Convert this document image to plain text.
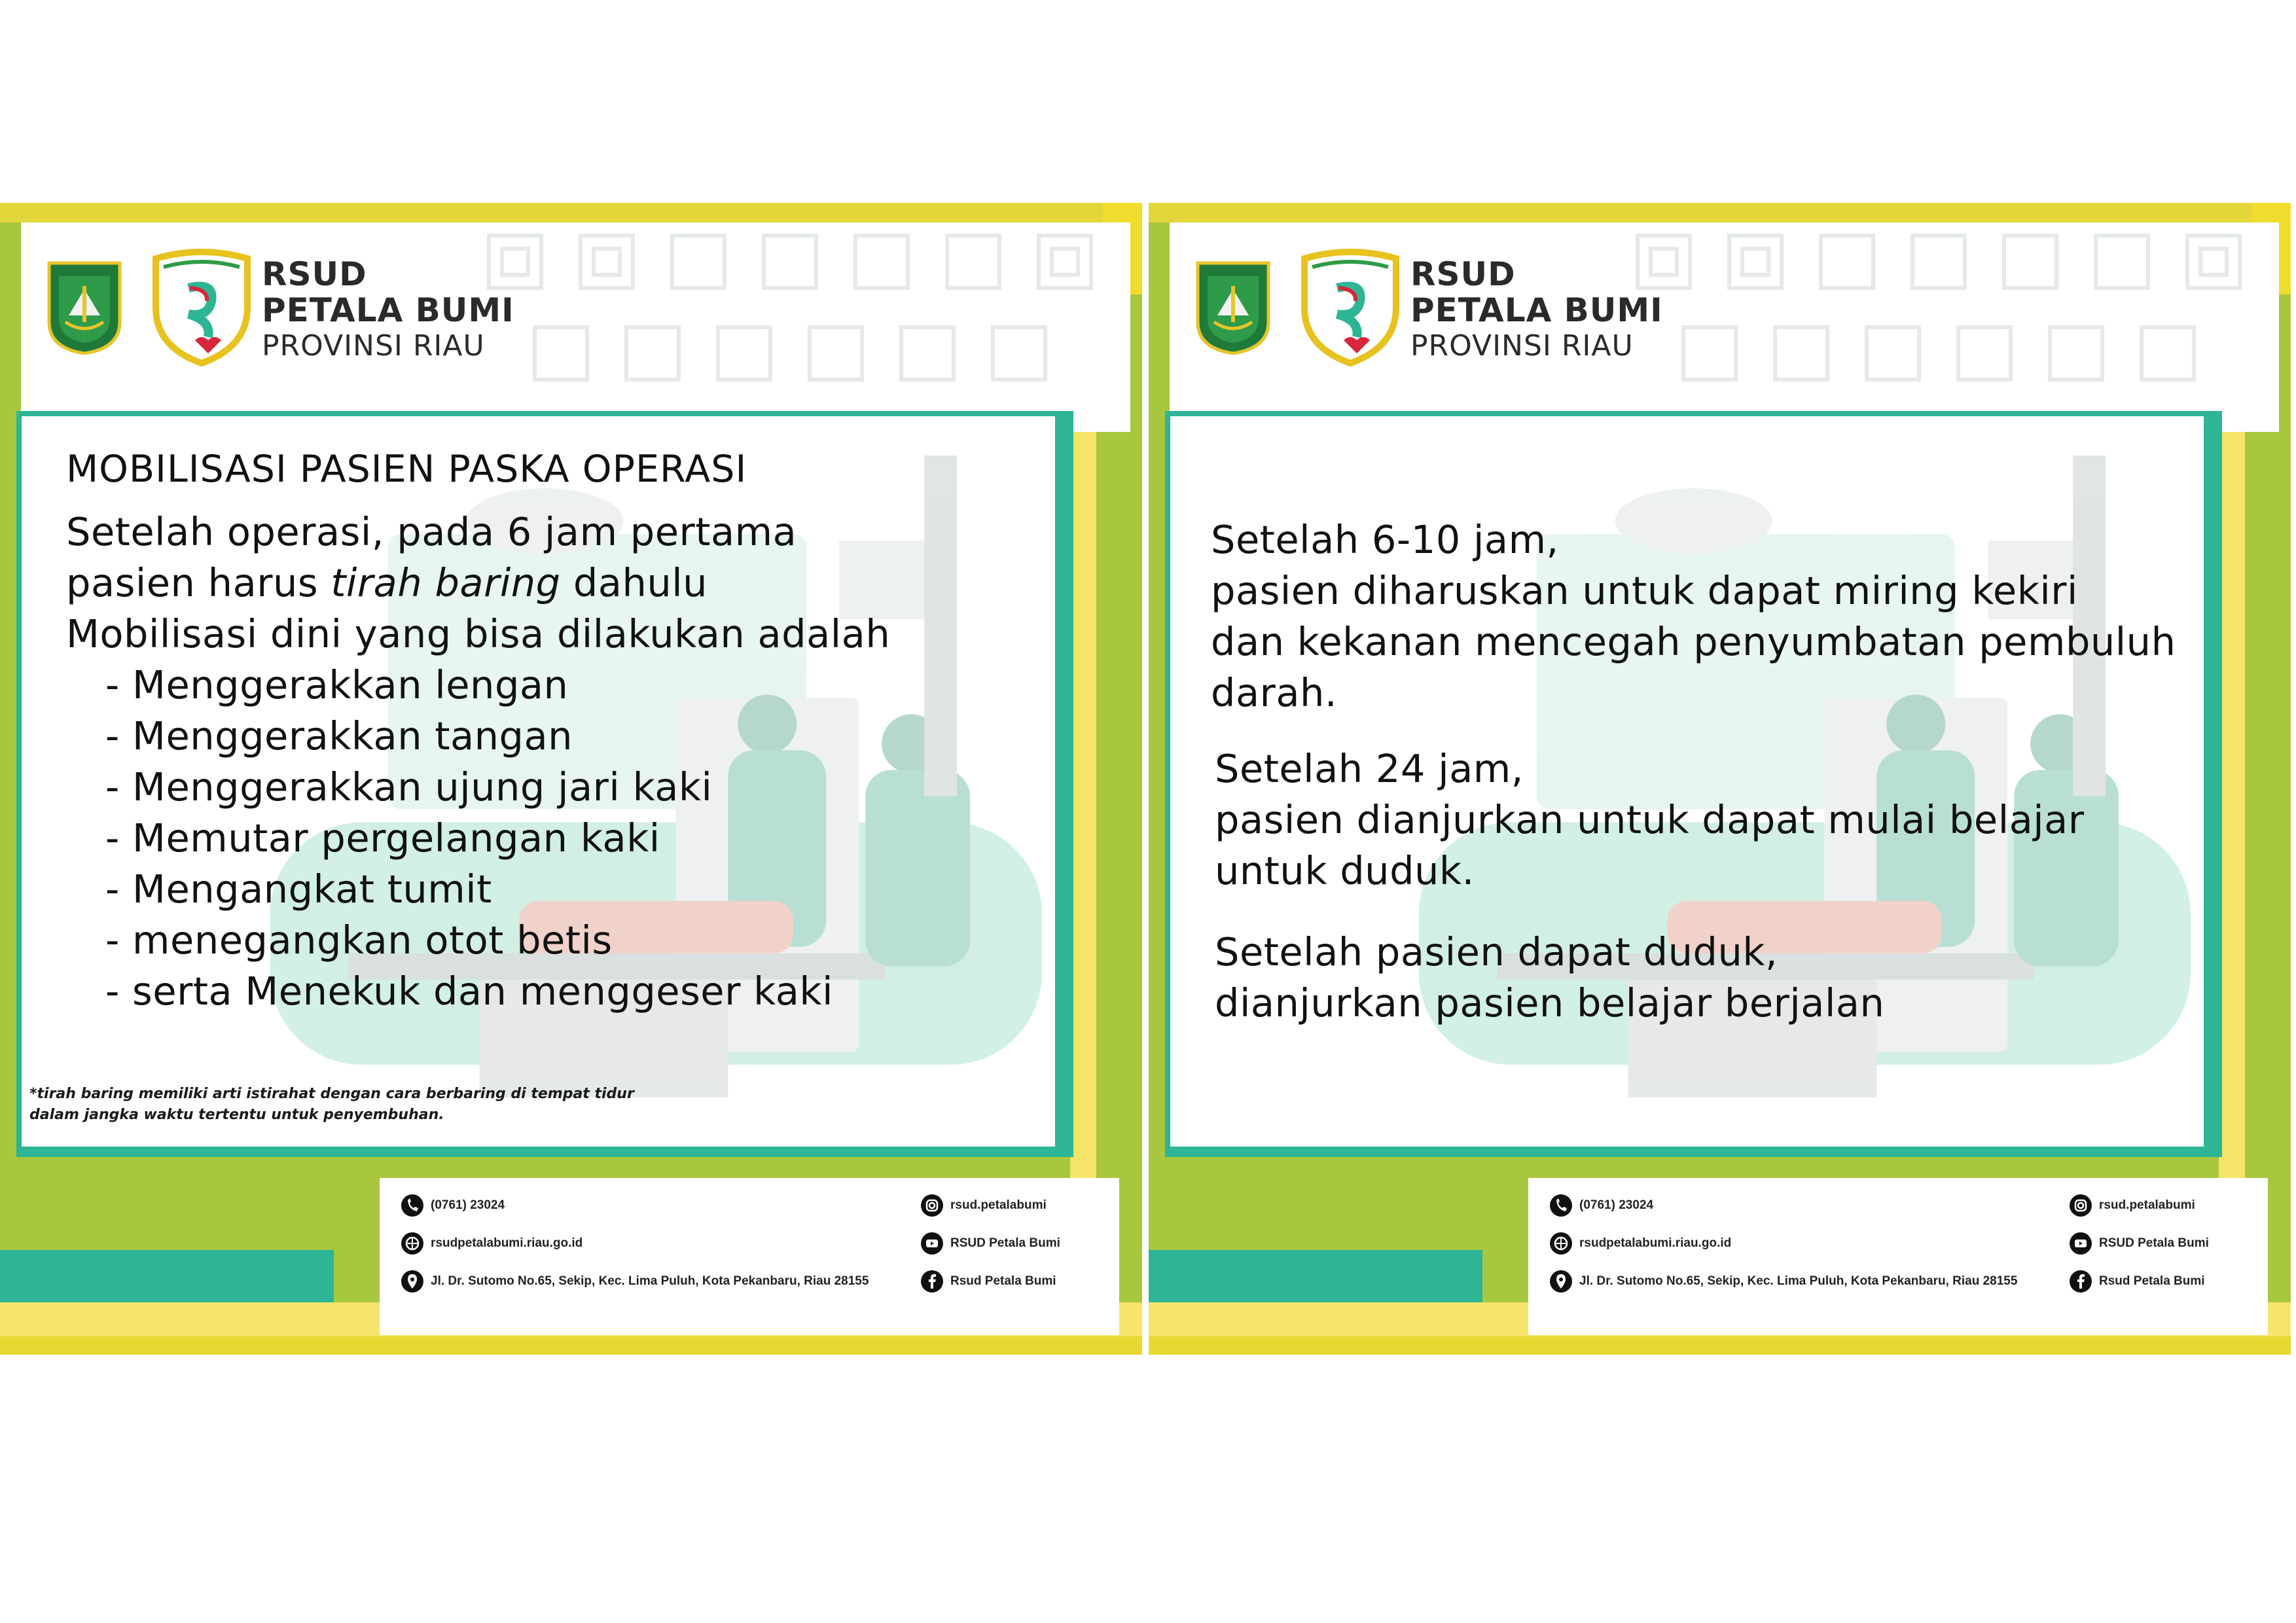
RSUD
PETALA BUMI
PROVINSI RIAU
MOBILISASI PASIEN PASKA OPERASI
Setelah operasi, pada 6 jam pertama
pasien harus tirah baring dahulu
Mobilisasi dini yang bisa dilakukan adalah
- Menggerakkan lengan
- Menggerakkan tangan
- Menggerakkan ujung jari kaki
- Memutar pergelangan kaki
- Mengangkat tumit
- menegangkan otot betis
- serta Menekuk dan menggeser kaki
*tirah baring memiliki arti istirahat dengan cara berbaring di tempat tidur
dalam jangka waktu tertentu untuk penyembuhan.
(0761) 23024
rsudpetalabumi.riau.go.id
Jl. Dr. Sutomo No.65, Sekip, Kec. Lima Puluh, Kota Pekanbaru, Riau 28155
rsud.petalabumi
RSUD Petala Bumi
Rsud Petala Bumi
RSUD
PETALA BUMI
PROVINSI RIAU
Setelah 6-10 jam,
pasien diharuskan untuk dapat miring kekiri
dan kekanan mencegah penyumbatan pembuluh
darah.
Setelah 24 jam,
pasien dianjurkan untuk dapat mulai belajar
untuk duduk.
Setelah pasien dapat duduk,
dianjurkan pasien belajar berjalan
(0761) 23024
rsudpetalabumi.riau.go.id
Jl. Dr. Sutomo No.65, Sekip, Kec. Lima Puluh, Kota Pekanbaru, Riau 28155
rsud.petalabumi
RSUD Petala Bumi
Rsud Petala Bumi
